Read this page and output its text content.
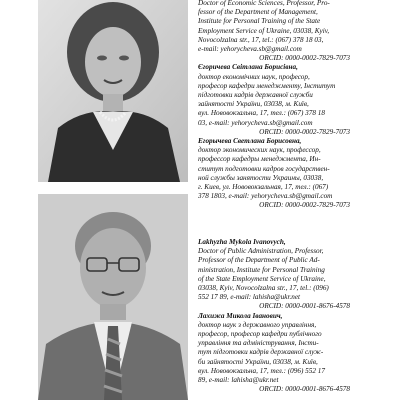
Doctor of Economic Sciences, Professor, Pro-
fessor of the Department of Management,
Institute for Personal Training of the State
Employment Service of Ukraine, 03038, Kyiv,
Novocolzalna str., 17, tel.: (067) 378 18 03,
e-mail: yehorycheva.sb@gmail.com

ORCID: 0000-0002-7829-7073

Єгоричева Світлана Борисівна,
доктор економічних наук, професор,
професор кафедри менеджменту, Інститут
підготовки кадрів державної служби
зайнятості України, 03038, м. Київ,
вул. Нововокзальна, 17, тел.: (067) 378 18
03, e-mail: yehorycheva.sb@gmail.com

ORCID: 0000-0002-7829-7073

Егорычева Светлана Борисовна,
доктор экономических наук, профессор,
профессор кафедры менеджмента, Ин-
ститут подготовки кадров государствен-
ной службы занятости Украины, 03038,
г. Киев, ул. Нововокзальная, 17, тел.: (067)
378 1803, e-mail: yehorycheva.sb@gmail.com

ORCID: 0000-0002-7829-7073

Lakhyzha Mykola Ivanovych,
Doctor of Public Administration, Professor,
Professor of the Department of Public Ad-
ministration, Institute for Personal Training
of the State Employment Service of Ukraine,
03038, Kyiv, Novocolzalna str., 17, tel.: (096)
552 17 89, e-mail: lahisha@ukr.net

ORCID: 0000-0001-8676-4578

Лахижа Микола Іванович,
доктор наук з державного управління,
професор, професор кафедри публічного
управління та адміністрування, Інсти-
тут підготовки кадрів державної служ-
би зайнятості України, 03038, м. Київ,
вул. Нововокзальна, 17, тел.: (096) 552 17
89, e-mail: lahisha@ukr.net

ORCID: 0000-0001-8676-4578
